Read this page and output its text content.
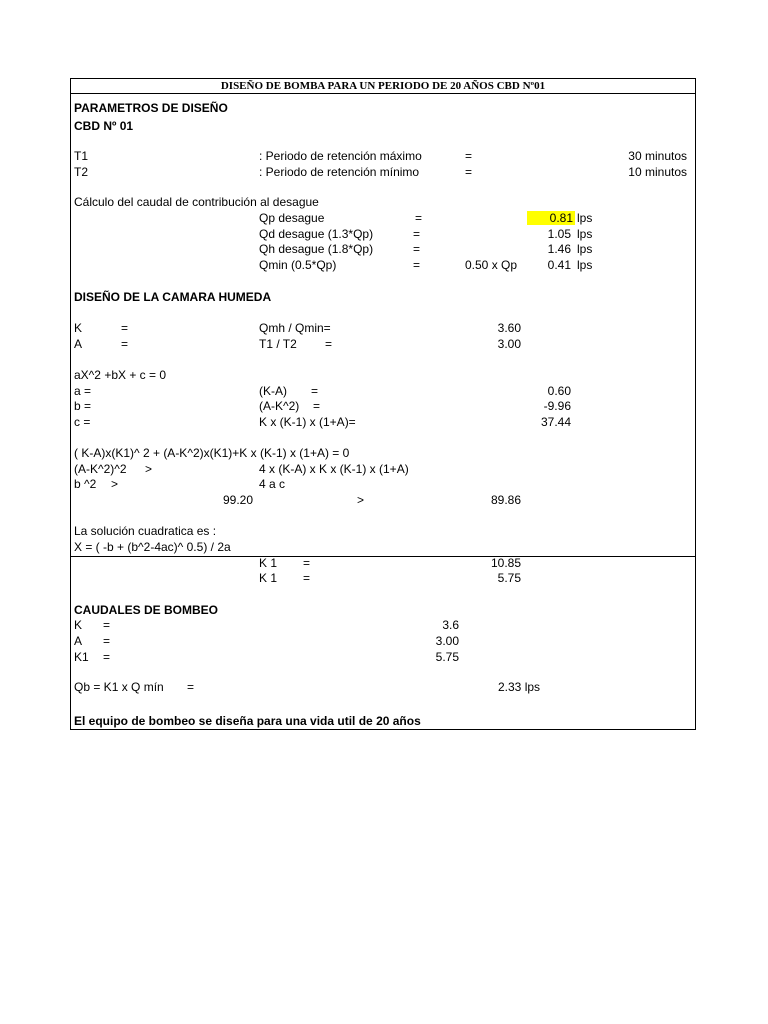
DISEÑO DE BOMBA PARA UN PERIODO DE 20 AÑOS CBD Nº01
PARAMETROS DE DISEÑO
CBD Nº 01
T1	: Periodo de retención máximo	=	30 minutos
T2	: Periodo de retención mínimo	=	10 minutos
Cálculo del caudal de contribución al desague
Qp desague	=	0.81 lps
Qd desague (1.3*Qp)	=	1.05 lps
Qh desague (1.8*Qp)	=	1.46 lps
Qmin (0.5*Qp)	=	0.50 x Qp	0.41 lps
DISEÑO DE LA CAMARA HUMEDA
K	=	Qmh / Qmin=	3.60
A	=	T1 / T2 =	3.00
aX^2 +bX + c = 0
a =	(K-A) =	0.60
b =	(A-K^2) =	-9.96
c =	K x (K-1) x (1+A)=	37.44
( K-A)x(K1)^ 2 + (A-K^2)x(K1)+K x (K-1) x (1+A) = 0
(A-K^2)^2 >	4 x (K-A) x K x (K-1) x (1+A)
b ^2 >	4 a c
99.20	>	89.86
La solución cuadratica es :
X = ( -b + (b^2-4ac)^ 0.5) / 2a
K 1 =	10.85
K 1 =	5.75
CAUDALES DE BOMBEO
K =	3.6
A =	3.00
K1 =	5.75
Qb = K1 x Q mín =	2.33 lps
El equipo de bombeo se diseña para una vida util de 20 años
